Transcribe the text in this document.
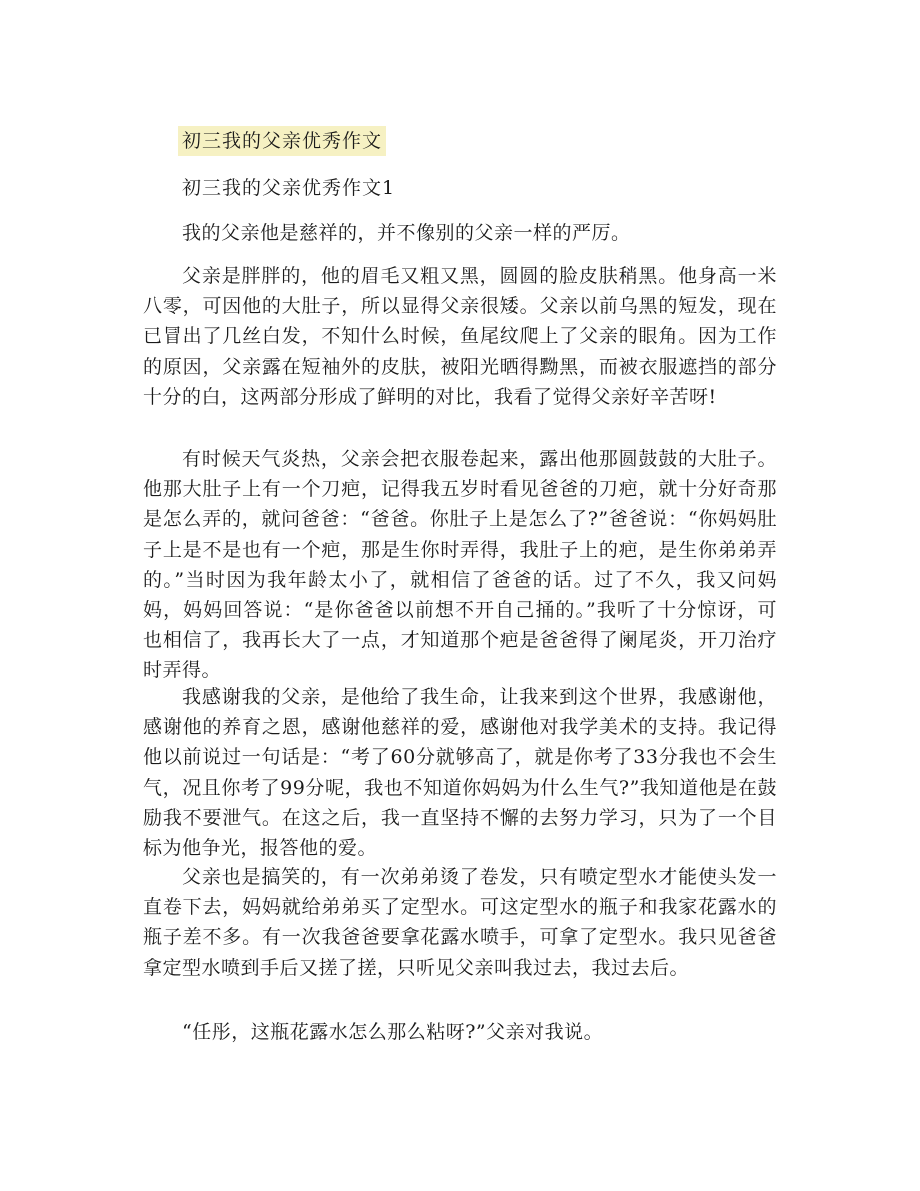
初三我的父亲优秀作文
初三我的父亲优秀作文1

我的父亲他是慈祥的，并不像别的父亲一样的严厉。

父亲是胖胖的，他的眉毛又粗又黑，圆圆的脸皮肤稍黑。他身高一米八零，可因他的大肚子，所以显得父亲很矮。父亲以前乌黑的短发，现在已冒出了几丝白发，不知什么时候，鱼尾纹爬上了父亲的眼角。因为工作的原因，父亲露在短袖外的皮肤，被阳光晒得黝黑，而被衣服遮挡的部分十分的白，这两部分形成了鲜明的对比，我看了觉得父亲好辛苦呀!

有时候天气炎热，父亲会把衣服卷起来，露出他那圆鼓鼓的大肚子。他那大肚子上有一个刀疤，记得我五岁时看见爸爸的刀疤，就十分好奇那是怎么弄的，就问爸爸：“爸爸。你肚子上是怎么了?”爸爸说：“你妈妈肚子上是不是也有一个疤，那是生你时弄得，我肚子上的疤，是生你弟弟弄的。”当时因为我年龄太小了，就相信了爸爸的话。过了不久，我又问妈妈，妈妈回答说：“是你爸爸以前想不开自己捅的。”我听了十分惊讶，可也相信了，我再长大了一点，才知道那个疤是爸爸得了阑尾炎，开刀治疗时弄得。

我感谢我的父亲，是他给了我生命，让我来到这个世界，我感谢他，感谢他的养育之恩，感谢他慈祥的爱，感谢他对我学美术的支持。我记得他以前说过一句话是：“考了60分就够高了，就是你考了33分我也不会生气，况且你考了99分呢，我也不知道你妈妈为什么生气?”我知道他是在鼓励我不要泄气。在这之后，我一直坚持不懈的去努力学习，只为了一个目标为他争光，报答他的爱。

父亲也是搞笑的，有一次弟弟烫了卷发，只有喷定型水才能使头发一直卷下去，妈妈就给弟弟买了定型水。可这定型水的瓶子和我家花露水的瓶子差不多。有一次我爸爸要拿花露水喷手，可拿了定型水。我只见爸爸拿定型水喷到手后又搓了搓，只听见父亲叫我过去，我过去后。

“任彤，这瓶花露水怎么那么粘呀?”父亲对我说。
